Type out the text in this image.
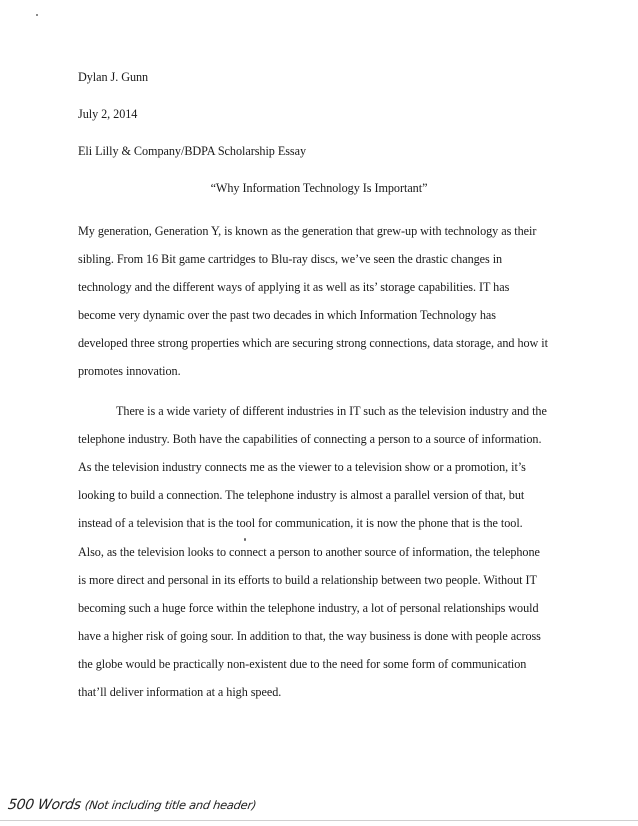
Dylan J. Gunn
July 2, 2014
Eli Lilly & Company/BDPA Scholarship Essay
“Why Information Technology Is Important”
My generation, Generation Y, is known as the generation that grew-up with technology as their
sibling. From 16 Bit game cartridges to Blu-ray discs, we’ve seen the drastic changes in
technology and the different ways of applying it as well as its’ storage capabilities. IT has
become very dynamic over the past two decades in which Information Technology has
developed three strong properties which are securing strong connections, data storage, and how it
promotes innovation.
There is a wide variety of different industries in IT such as the television industry and the
telephone industry. Both have the capabilities of connecting a person to a source of information.
As the television industry connects me as the viewer to a television show or a promotion, it’s
looking to build a connection. The telephone industry is almost a parallel version of that, but
instead of a television that is the tool for communication, it is now the phone that is the tool.
Also, as the television looks to connect a person to another source of information, the telephone
is more direct and personal in its efforts to build a relationship between two people. Without IT
becoming such a huge force within the telephone industry, a lot of personal relationships would
have a higher risk of going sour. In addition to that, the way business is done with people across
the globe would be practically non-existent due to the need for some form of communication
that’ll deliver information at a high speed.
500 Words (Not including title and header)
